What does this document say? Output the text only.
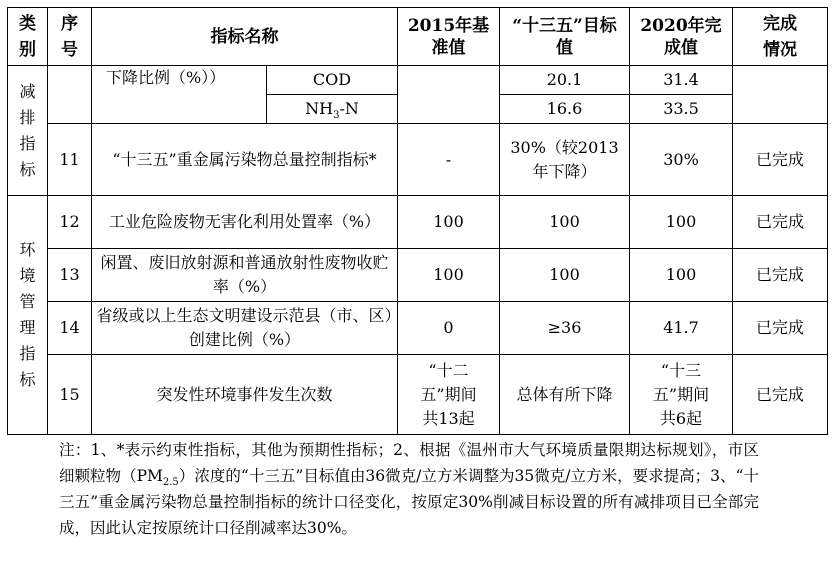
类别	序号	指标名称		2015年基准值	“十三五”目标值	2020年完成值	完成情况

减排指标		下降比例（%））	COD		20.1	31.4	
			$NH_3-N$		16.6	33.5	
	11	“十三五”重金属污染物总量控制指标*		-	30%（较2013年下降）	30%	已完成

环境管理指标	12	工业危险废物无害化利用处置率（%）		100	100	100	已完成
	13	闲置、废旧放射源和普通放射性废物收贮率（%）		100	100	100	已完成
	14	省级或以上生态文明建设示范县（市、区）创建比例（%）		0	≥36	41.7	已完成
	15	突发性环境事件发生次数		“十二五”期间共13起	总体有所下降	“十三五”期间共6起	已完成
注：1、*表示约束性指标，其他为预期性指标；2、根据《温州市大气环境质量限期达标规划》，市区细颗粒物$(PM_{2.5})$浓度的“十三五”目标值由36微克/立方米调整为35微克/立方米，要求提高；3、“十三五”重金属污染物总量控制指标的统计口径变化，按原定30%削减目标设置的所有减排项目已全部完成，因此认定按原统计口径削减率达30%。
